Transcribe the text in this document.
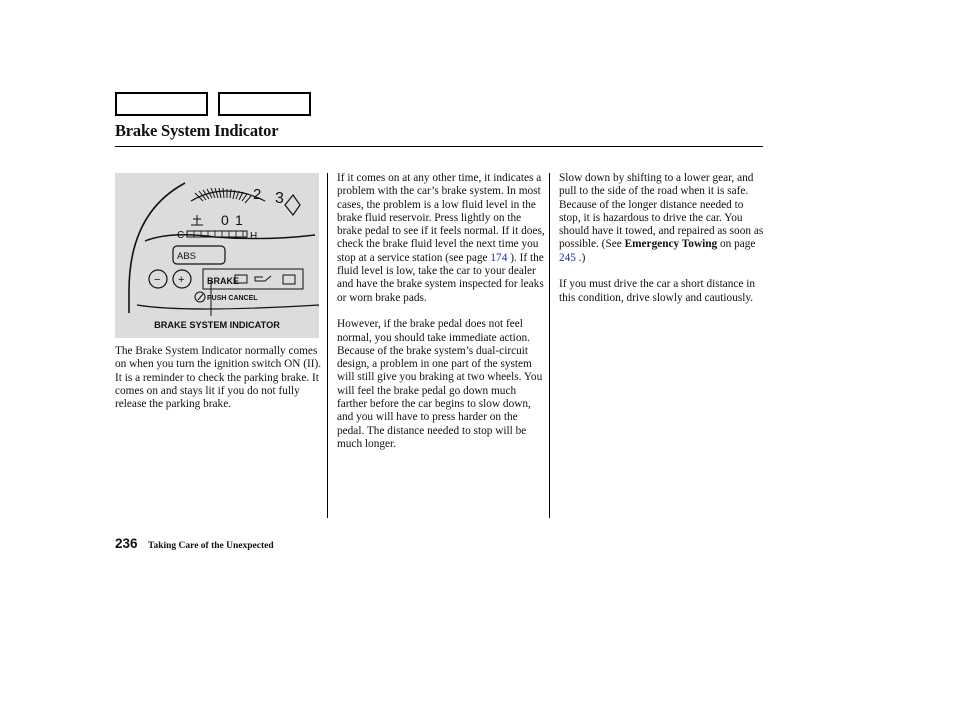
Brake System Indicator
3
2
1
0
C	H
ABS
− +	BRAKE
PUSH CANCEL
BRAKE SYSTEM INDICATOR

The Brake System Indicator normally comes on when you turn the ignition switch ON (II). It is a reminder to check the parking brake. It comes on and stays lit if you do not fully release the parking brake.

If it comes on at any other time, it indicates a problem with the car’s brake system. In most cases, the problem is a low fluid level in the brake fluid reservoir. Press lightly on the brake pedal to see if it feels normal. If it does, check the brake fluid level the next time you stop at a service station (see page 174 ). If the fluid level is low, take the car to your dealer and have the brake system inspected for leaks or worn brake pads.

However, if the brake pedal does not feel normal, you should take immediate action. Because of the brake system’s dual-circuit design, a problem in one part of the system will still give you braking at two wheels. You will feel the brake pedal go down much farther before the car begins to slow down, and you will have to press harder on the pedal. The distance needed to stop will be much longer.

Slow down by shifting to a lower gear, and pull to the side of the road when it is safe. Because of the longer distance needed to stop, it is hazardous to drive the car. You should have it towed, and repaired as soon as possible. (See Emergency Towing on page 245 .)

If you must drive the car a short distance in this condition, drive slowly and cautiously.

236 Taking Care of the Unexpected
